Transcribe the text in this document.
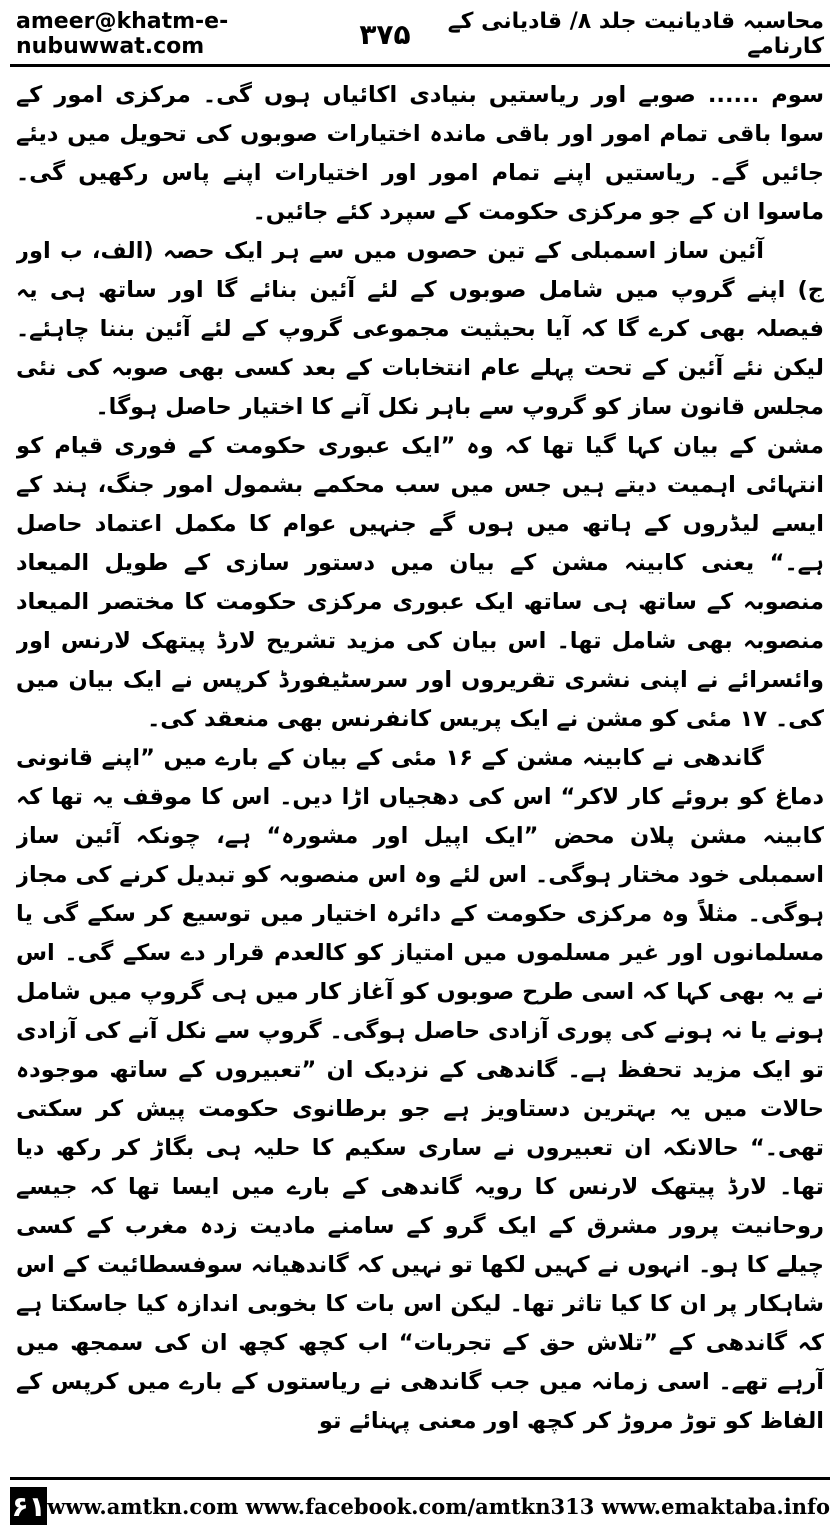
ameer@khatm-e-nubuwwat.com	۳۷۵	محاسبہ قادیانیت جلد ۸/ قادیانی کے کارنامے

سوم ...... صوبے اور ریاستیں بنیادی اکائیاں ہوں گی۔ مرکزی امور کے سوا باقی تمام امور اور باقی ماندہ اختیارات صوبوں کی تحویل میں دیئے جائیں گے۔ ریاستیں اپنے تمام امور اور اختیارات اپنے پاس رکھیں گی۔ ماسوا ان کے جو مرکزی حکومت کے سپرد کئے جائیں۔

آئین ساز اسمبلی کے تین حصوں میں سے ہر ایک حصہ (الف، ب اور ج) اپنے گروپ میں شامل صوبوں کے لئے آئین بنائے گا اور ساتھ ہی یہ فیصلہ بھی کرے گا کہ آیا بحیثیت مجموعی گروپ کے لئے آئین بننا چاہئے۔ لیکن نئے آئین کے تحت پہلے عام انتخابات کے بعد کسی بھی صوبہ کی نئی مجلس قانون ساز کو گروپ سے باہر نکل آنے کا اختیار حاصل ہوگا۔

مشن کے بیان کہا گیا تھا کہ وہ ”ایک عبوری حکومت کے فوری قیام کو انتہائی اہمیت دیتے ہیں جس میں سب محکمے بشمول امور جنگ، ہند کے ایسے لیڈروں کے ہاتھ میں ہوں گے جنہیں عوام کا مکمل اعتماد حاصل ہے۔“ یعنی کابینہ مشن کے بیان میں دستور سازی کے طویل المیعاد منصوبہ کے ساتھ ہی ساتھ ایک عبوری مرکزی حکومت کا مختصر المیعاد منصوبہ بھی شامل تھا۔ اس بیان کی مزید تشریح لارڈ پیتھک لارنس اور وائسرائے نے اپنی نشری تقریروں اور سرسٹیفورڈ کرپس نے ایک بیان میں کی۔ ۱۷ مئی کو مشن نے ایک پریس کانفرنس بھی منعقد کی۔

گاندھی نے کابینہ مشن کے ۱۶ مئی کے بیان کے بارے میں ”اپنے قانونی دماغ کو بروئے کار لاکر“ اس کی دھجیاں اڑا دیں۔ اس کا موقف یہ تھا کہ کابینہ مشن پلان محض ”ایک اپیل اور مشورہ“ ہے، چونکہ آئین ساز اسمبلی خود مختار ہوگی۔ اس لئے وہ اس منصوبہ کو تبدیل کرنے کی مجاز ہوگی۔ مثلاً وہ مرکزی حکومت کے دائرہ اختیار میں توسیع کر سکے گی یا مسلمانوں اور غیر مسلموں میں امتیاز کو کالعدم قرار دے سکے گی۔ اس نے یہ بھی کہا کہ اسی طرح صوبوں کو آغاز کار میں ہی گروپ میں شامل ہونے یا نہ ہونے کی پوری آزادی حاصل ہوگی۔ گروپ سے نکل آنے کی آزادی تو ایک مزید تحفظ ہے۔ گاندھی کے نزدیک ان ”تعبیروں کے ساتھ موجودہ حالات میں یہ بہترین دستاویز ہے جو برطانوی حکومت پیش کر سکتی تھی۔“ حالانکہ ان تعبیروں نے ساری سکیم کا حلیہ ہی بگاڑ کر رکھ دیا تھا۔ لارڈ پیتھک لارنس کا رویہ گاندھی کے بارے میں ایسا تھا کہ جیسے روحانیت پرور مشرق کے ایک گرو کے سامنے مادیت زدہ مغرب کے کسی چیلے کا ہو۔ انہوں نے کہیں لکھا تو نہیں کہ گاندھیانہ سوفسطائیت کے اس شاہکار پر ان کا کیا تاثر تھا۔ لیکن اس بات کا بخوبی اندازہ کیا جاسکتا ہے کہ گاندھی کے ”تلاش حق کے تجربات“ اب کچھ کچھ ان کی سمجھ میں آرہے تھے۔ اسی زمانہ میں جب گاندھی نے ریاستوں کے بارے میں کرپس کے الفاظ کو توڑ مروڑ کر کچھ اور معنی پہنائے تو

۶۱ www.amtkn.com www.facebook.com/amtkn313 www.emaktaba.info
